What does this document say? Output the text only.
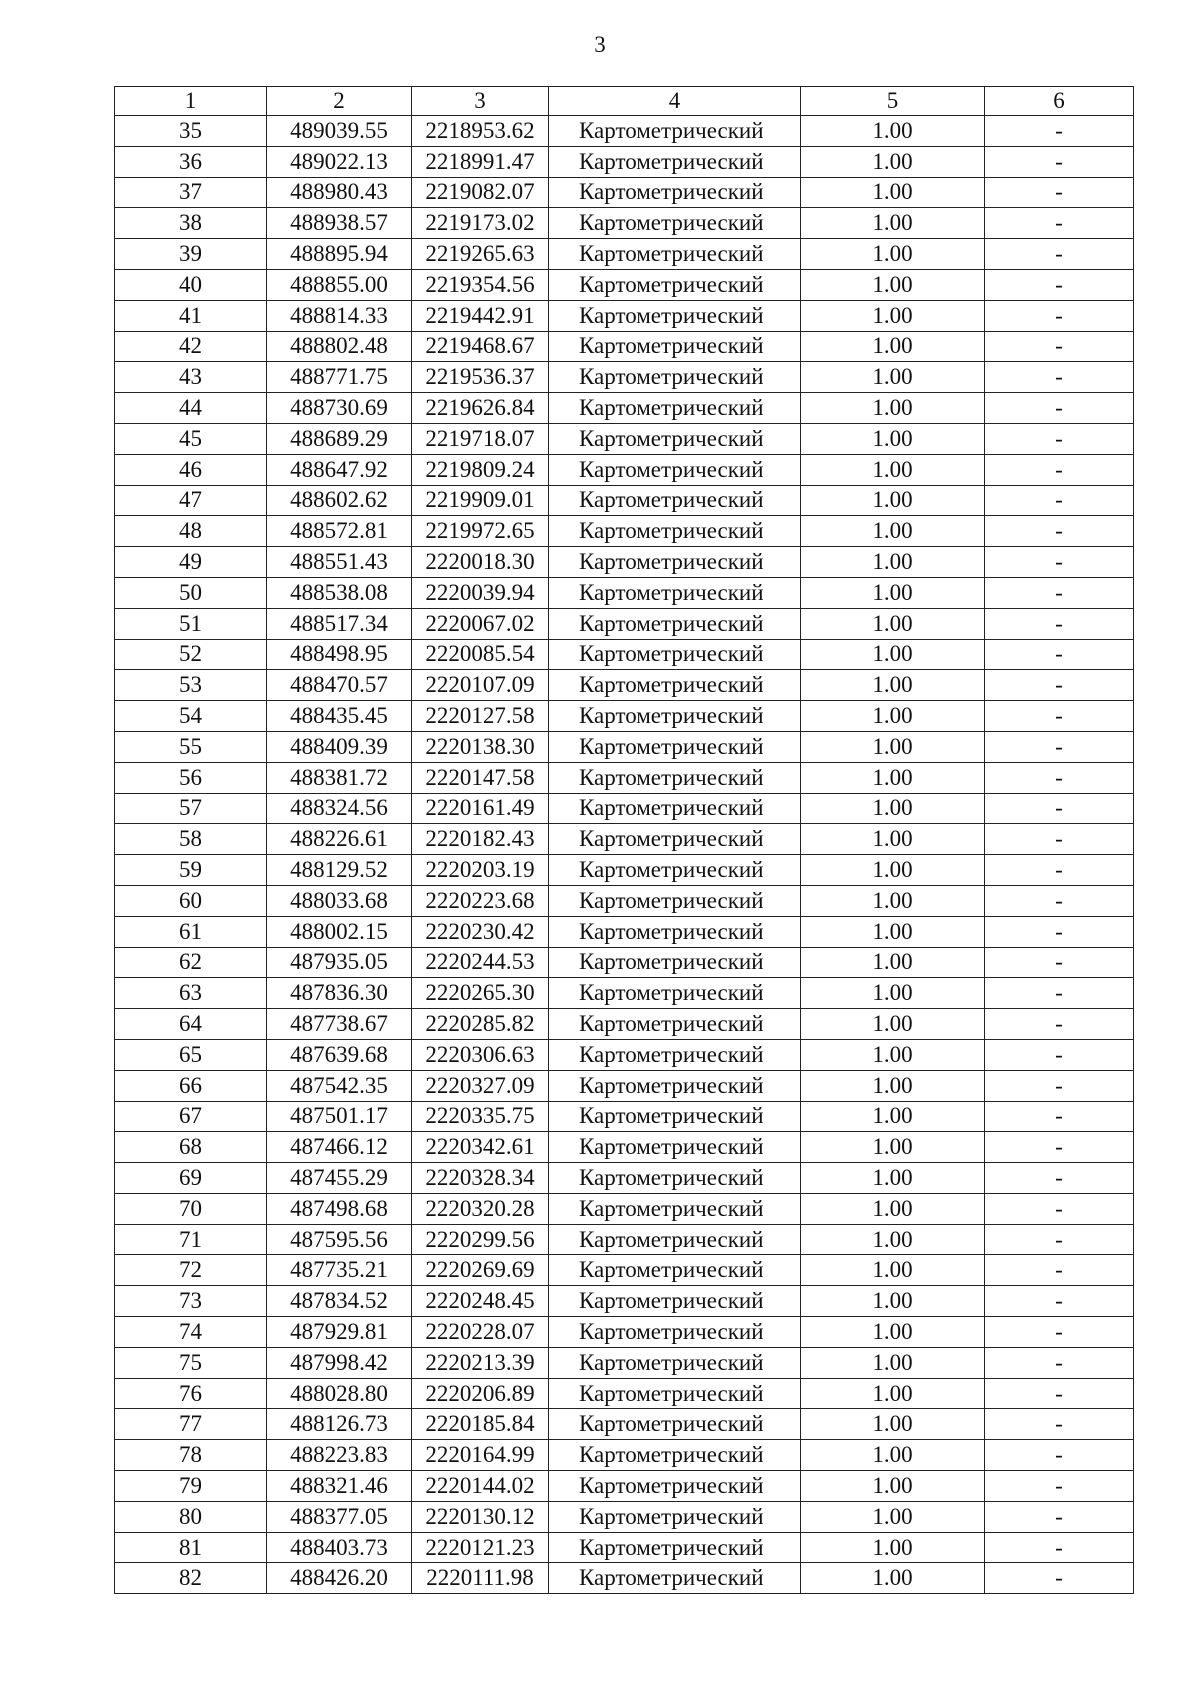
3
1	2	3	4	5	6
35	489039.55	2218953.62	Картометрический	1.00	-
36	489022.13	2218991.47	Картометрический	1.00	-
37	488980.43	2219082.07	Картометрический	1.00	-
38	488938.57	2219173.02	Картометрический	1.00	-
39	488895.94	2219265.63	Картометрический	1.00	-
40	488855.00	2219354.56	Картометрический	1.00	-
41	488814.33	2219442.91	Картометрический	1.00	-
42	488802.48	2219468.67	Картометрический	1.00	-
43	488771.75	2219536.37	Картометрический	1.00	-
44	488730.69	2219626.84	Картометрический	1.00	-
45	488689.29	2219718.07	Картометрический	1.00	-
46	488647.92	2219809.24	Картометрический	1.00	-
47	488602.62	2219909.01	Картометрический	1.00	-
48	488572.81	2219972.65	Картометрический	1.00	-
49	488551.43	2220018.30	Картометрический	1.00	-
50	488538.08	2220039.94	Картометрический	1.00	-
51	488517.34	2220067.02	Картометрический	1.00	-
52	488498.95	2220085.54	Картометрический	1.00	-
53	488470.57	2220107.09	Картометрический	1.00	-
54	488435.45	2220127.58	Картометрический	1.00	-
55	488409.39	2220138.30	Картометрический	1.00	-
56	488381.72	2220147.58	Картометрический	1.00	-
57	488324.56	2220161.49	Картометрический	1.00	-
58	488226.61	2220182.43	Картометрический	1.00	-
59	488129.52	2220203.19	Картометрический	1.00	-
60	488033.68	2220223.68	Картометрический	1.00	-
61	488002.15	2220230.42	Картометрический	1.00	-
62	487935.05	2220244.53	Картометрический	1.00	-
63	487836.30	2220265.30	Картометрический	1.00	-
64	487738.67	2220285.82	Картометрический	1.00	-
65	487639.68	2220306.63	Картометрический	1.00	-
66	487542.35	2220327.09	Картометрический	1.00	-
67	487501.17	2220335.75	Картометрический	1.00	-
68	487466.12	2220342.61	Картометрический	1.00	-
69	487455.29	2220328.34	Картометрический	1.00	-
70	487498.68	2220320.28	Картометрический	1.00	-
71	487595.56	2220299.56	Картометрический	1.00	-
72	487735.21	2220269.69	Картометрический	1.00	-
73	487834.52	2220248.45	Картометрический	1.00	-
74	487929.81	2220228.07	Картометрический	1.00	-
75	487998.42	2220213.39	Картометрический	1.00	-
76	488028.80	2220206.89	Картометрический	1.00	-
77	488126.73	2220185.84	Картометрический	1.00	-
78	488223.83	2220164.99	Картометрический	1.00	-
79	488321.46	2220144.02	Картометрический	1.00	-
80	488377.05	2220130.12	Картометрический	1.00	-
81	488403.73	2220121.23	Картометрический	1.00	-
82	488426.20	2220111.98	Картометрический	1.00	-
